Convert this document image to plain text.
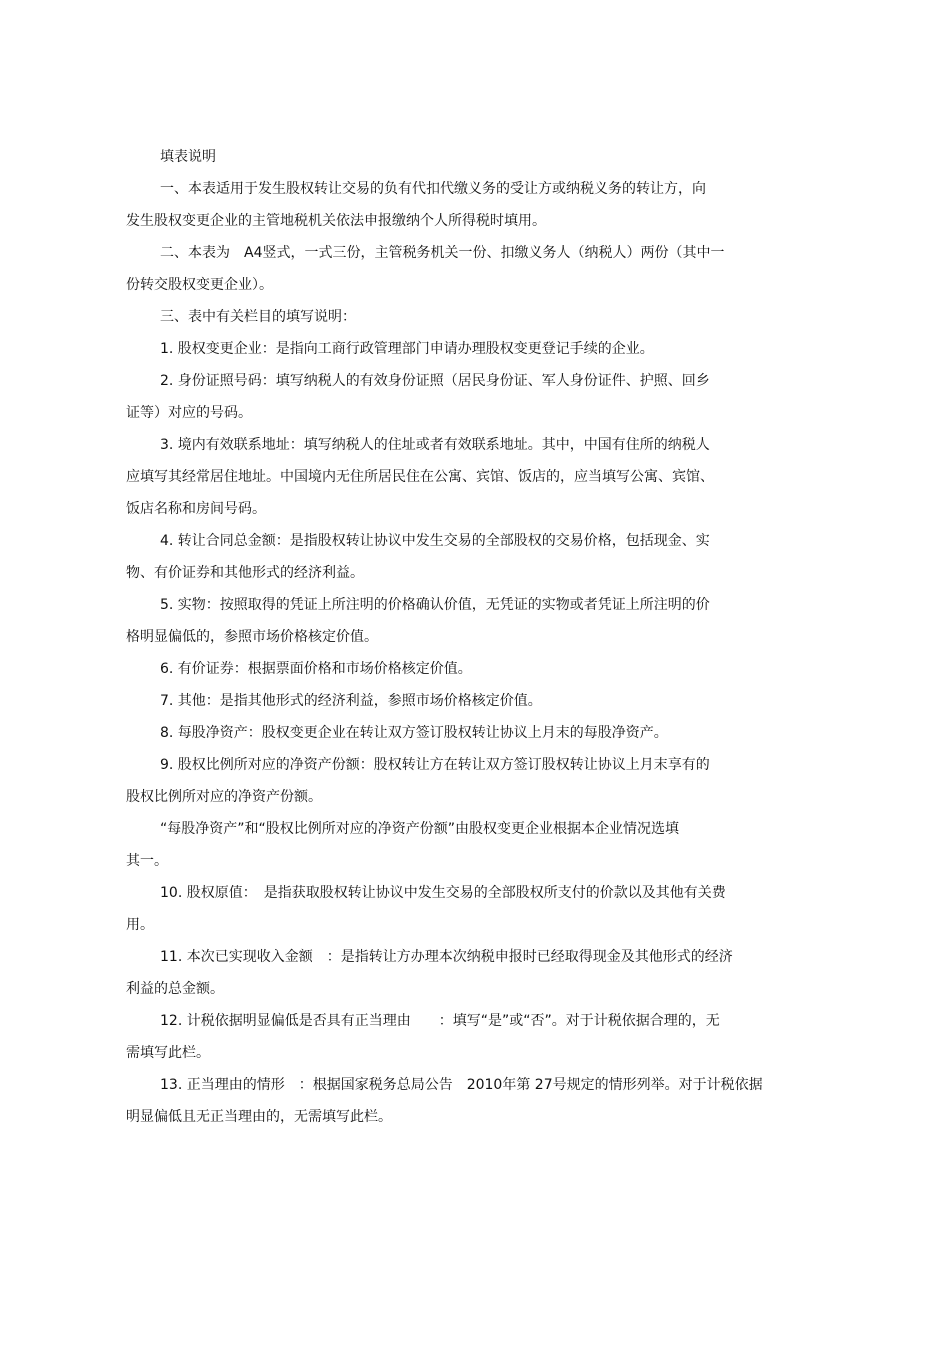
填表说明
一、本表适用于发生股权转让交易的负有代扣代缴义务的受让方或纳税义务的转让方，向
发生股权变更企业的主管地税机关依法申报缴纳个人所得税时填用。
二、本表为　A4竖式，一式三份，主管税务机关一份、扣缴义务人（纳税人）两份（其中一
份转交股权变更企业）。
三、表中有关栏目的填写说明：
1. 股权变更企业：是指向工商行政管理部门申请办理股权变更登记手续的企业。
2. 身份证照号码：填写纳税人的有效身份证照（居民身份证、军人身份证件、护照、回乡
证等）对应的号码。
3. 境内有效联系地址：填写纳税人的住址或者有效联系地址。其中，中国有住所的纳税人
应填写其经常居住地址。中国境内无住所居民住在公寓、宾馆、饭店的，应当填写公寓、宾馆、
饭店名称和房间号码。
4. 转让合同总金额：是指股权转让协议中发生交易的全部股权的交易价格，包括现金、实
物、有价证券和其他形式的经济利益。
5. 实物：按照取得的凭证上所注明的价格确认价值，无凭证的实物或者凭证上所注明的价
格明显偏低的，参照市场价格核定价值。
6. 有价证券：根据票面价格和市场价格核定价值。
7. 其他：是指其他形式的经济利益，参照市场价格核定价值。
8. 每股净资产：股权变更企业在转让双方签订股权转让协议上月末的每股净资产。
9. 股权比例所对应的净资产份额：股权转让方在转让双方签订股权转让协议上月末享有的
股权比例所对应的净资产份额。
“每股净资产”和“股权比例所对应的净资产份额”由股权变更企业根据本企业情况选填
其一。
10. 股权原值：　是指获取股权转让协议中发生交易的全部股权所支付的价款以及其他有关费
用。
11. 本次已实现收入金额　：是指转让方办理本次纳税申报时已经取得现金及其他形式的经济
利益的总金额。
12. 计税依据明显偏低是否具有正当理由　　：填写“是”或“否”。对于计税依据合理的，无
需填写此栏。
13. 正当理由的情形　：根据国家税务总局公告　2010年第 27号规定的情形列举。对于计税依据
明显偏低且无正当理由的，无需填写此栏。
